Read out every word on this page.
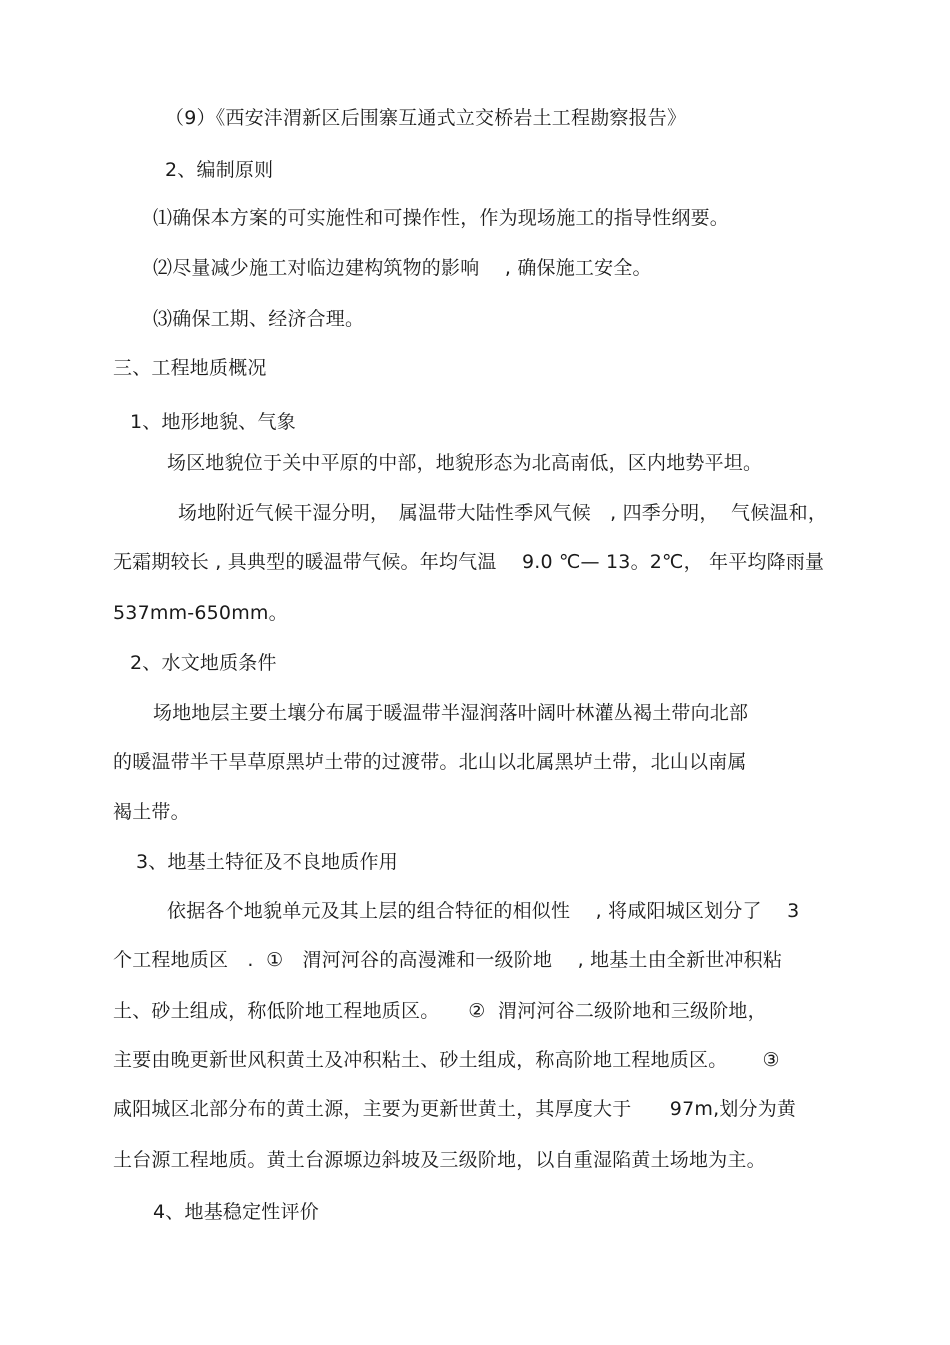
（9）《西安沣渭新区后围寨互通式立交桥岩土工程勘察报告》
2、编制原则
⑴确保本方案的可实施性和可操作性，作为现场施工的指导性纲要。
⑵尽量减少施工对临边建构筑物的影响　 , 确保施工安全。
⑶确保工期、经济合理。
三、工程地质概况
1、地形地貌、气象
场区地貌位于关中平原的中部，地貌形态为北高南低，区内地势平坦。
场地附近气候干湿分明，　属温带大陆性季风气候　, 四季分明，  气候温和，
无霜期较长 , 具典型的暖温带气候。年均气温　 9.0 ℃— 13。2℃， 年平均降雨量
537mm-650mm。
2、水文地质条件
场地地层主要土壤分布属于暖温带半湿润落叶阔叶林灌丛褐土带向北部
的暖温带半干旱草原黑垆土带的过渡带。北山以北属黑垆土带，北山以南属
褐土带。
3、地基土特征及不良地质作用
依据各个地貌单元及其上层的组合特征的相似性　 , 将咸阳城区划分了　 3
个工程地质区　.  ①　渭河河谷的高漫滩和一级阶地　 , 地基土由全新世冲积粘
土、砂土组成，称低阶地工程地质区。　　②  渭河河谷二级阶地和三级阶地，
主要由晚更新世风积黄土及冲积粘土、砂土组成，称高阶地工程地质区。　　 ③
咸阳城区北部分布的黄土源，主要为更新世黄土，其厚度大于　　97m,划分为黄
土台源工程地质。黄土台源塬边斜坡及三级阶地，以自重湿陷黄土场地为主。
4、地基稳定性评价
